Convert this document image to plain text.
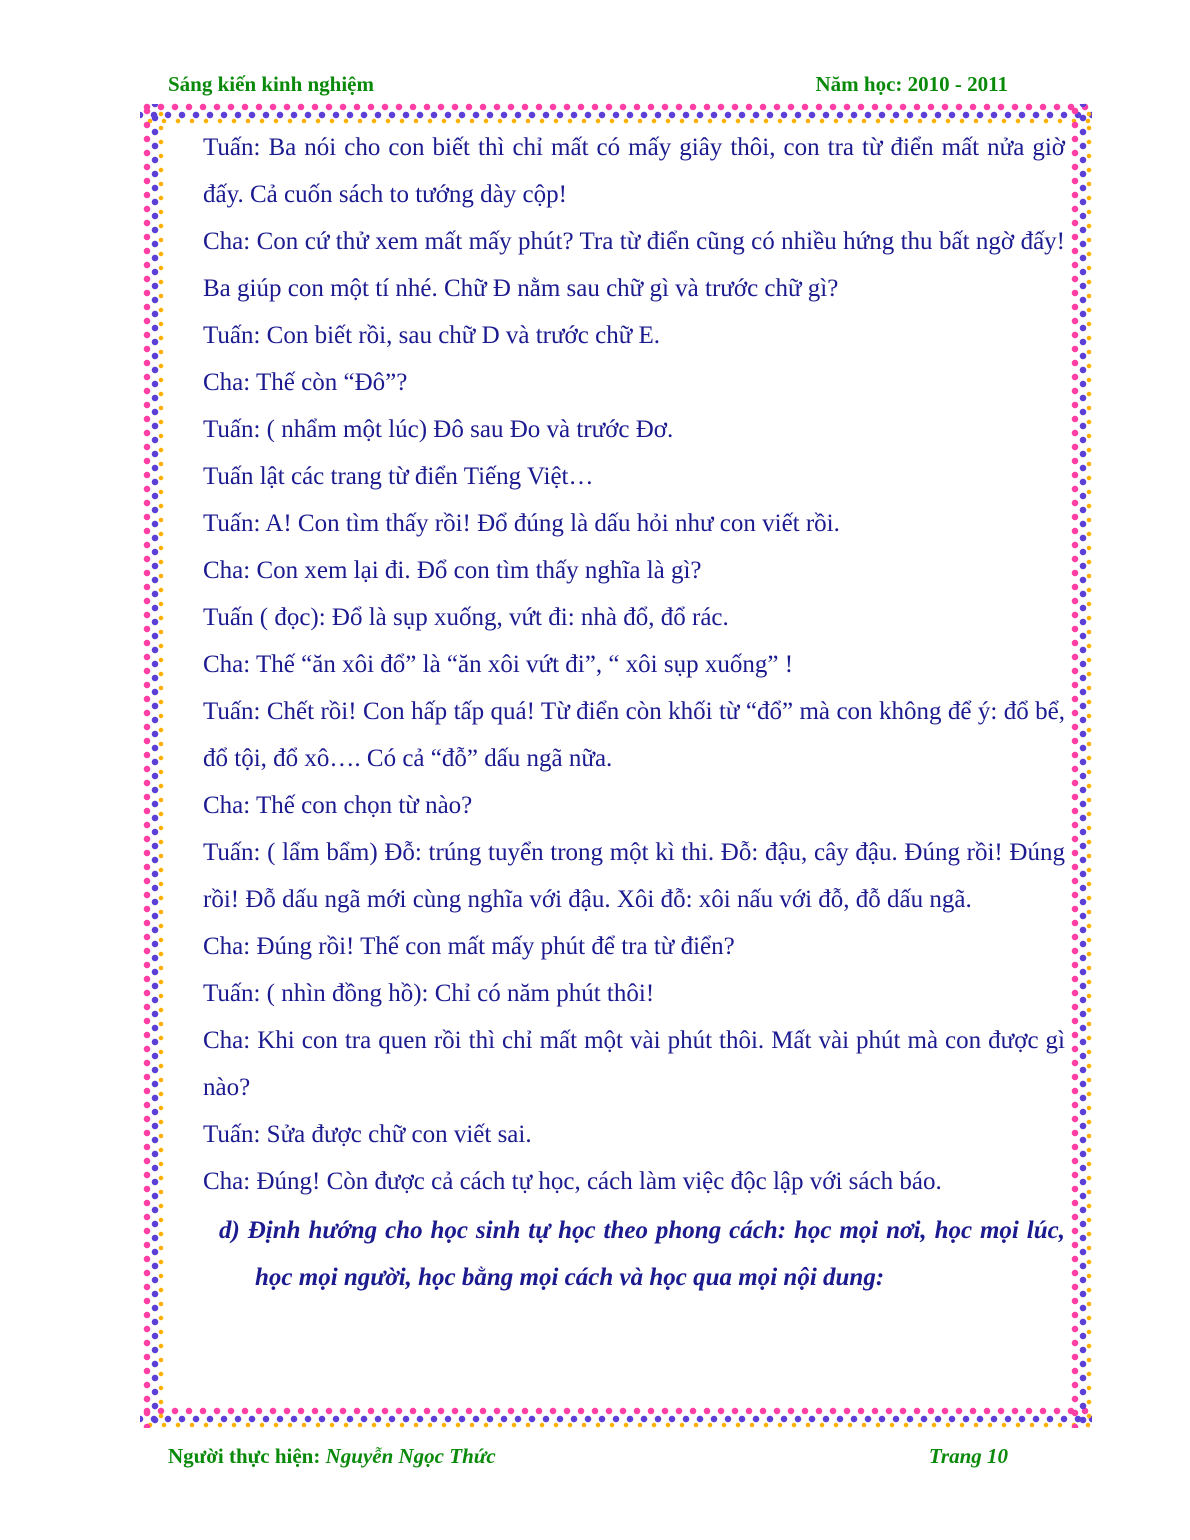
Sáng kiến kinh nghiệm	Năm học: 2010 - 2011

Tuấn: Ba nói cho con biết thì chỉ mất có mấy giây thôi, con tra từ điển mất nửa giờ đấy. Cả cuốn sách to tướng dày cộp!

Cha: Con cứ thử xem mất mấy phút? Tra từ điển cũng có nhiều hứng thu bất ngờ đấy! Ba giúp con một tí nhé. Chữ Đ nằm sau chữ gì và trước chữ gì?

Tuấn: Con biết rồi, sau chữ D và trước chữ E.

Cha: Thế còn “Đô”?

Tuấn: ( nhẩm một lúc) Đô sau Đo và trước Đơ.

Tuấn lật các trang từ điển Tiếng Việt…

Tuấn: A! Con tìm thấy rồi! Đổ đúng là dấu hỏi như con viết rồi.

Cha: Con xem lại đi. Đổ con tìm thấy nghĩa là gì?

Tuấn ( đọc): Đổ là sụp xuống, vứt đi: nhà đổ, đổ rác.

Cha: Thế “ăn xôi đổ” là “ăn xôi vứt đi”, “ xôi sụp xuống” !

Tuấn: Chết rồi! Con hấp tấp quá! Từ điển còn khối từ “đổ” mà con không để ý: đổ bể, đổ tội, đổ xô…. Có cả “đỗ” dấu ngã nữa.

Cha: Thế con chọn từ nào?

Tuấn: ( lẩm bẩm) Đỗ: trúng tuyển trong một kì thi. Đỗ: đậu, cây đậu. Đúng rồi! Đúng rồi! Đỗ dấu ngã mới cùng nghĩa với đậu. Xôi đỗ: xôi nấu với đỗ, đỗ dấu ngã.

Cha: Đúng rồi! Thế con mất mấy phút để tra từ điển?

Tuấn: ( nhìn đồng hồ): Chỉ có năm phút thôi!

Cha: Khi con tra quen rồi thì chỉ mất một vài phút thôi. Mất vài phút mà con được gì nào?

Tuấn: Sửa được chữ con viết sai.

Cha: Đúng! Còn được cả cách tự học, cách làm việc độc lập với sách báo.

d) Định hướng cho học sinh tự học theo phong cách: học mọi nơi, học mọi lúc, học mọi người, học bằng mọi cách và học qua mọi nội dung:

Người thực hiện: Nguyễn Ngọc Thức	Trang 10
